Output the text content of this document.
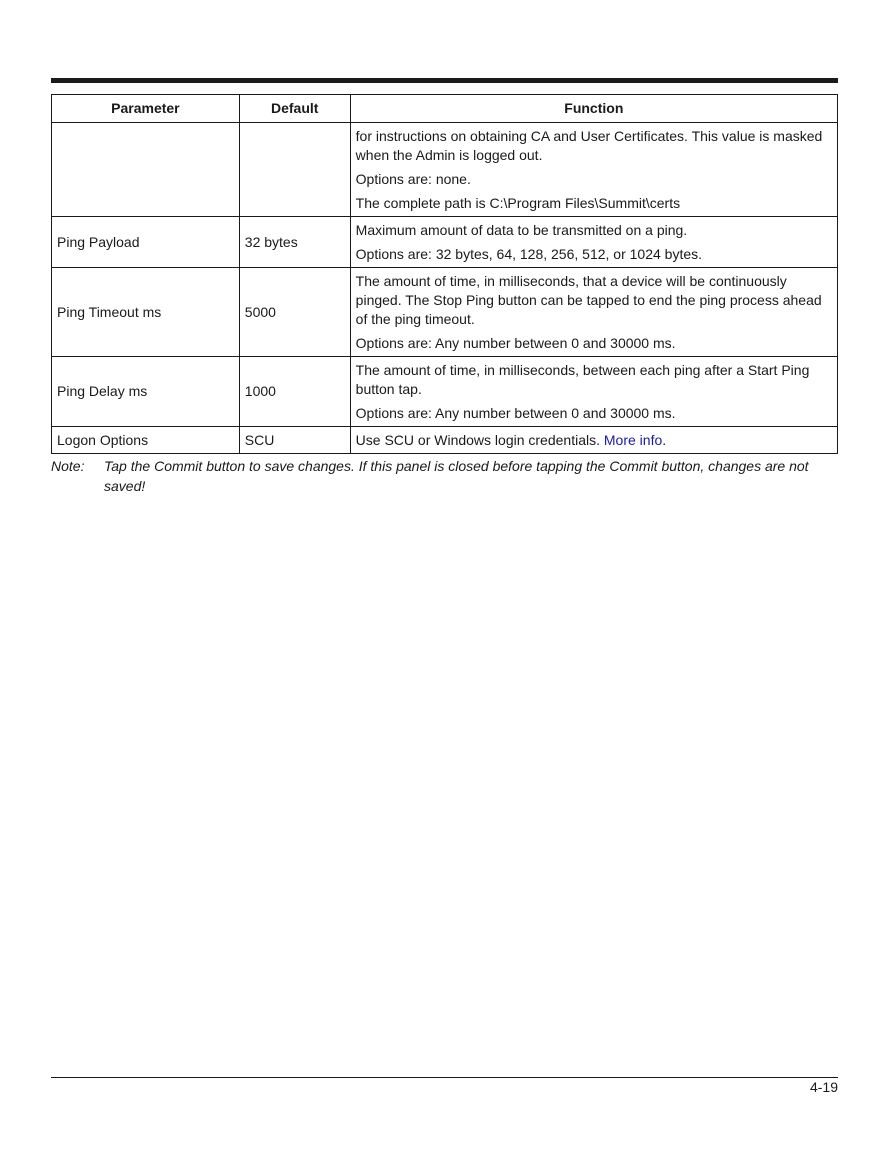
Parameter	Default	Function

		for instructions on obtaining CA and User Certificates. This value is masked when the Admin is logged out.

Options are: none.

The complete path is C:\Program Files\Summit\certs

Ping Payload	32 bytes	Maximum amount of data to be transmitted on a ping.

Options are: 32 bytes, 64, 128, 256, 512, or 1024 bytes.

Ping Timeout ms	5000	The amount of time, in milliseconds, that a device will be continuously pinged. The Stop Ping button can be tapped to end the ping process ahead of the ping timeout.

Options are: Any number between 0 and 30000 ms.

Ping Delay ms	1000	The amount of time, in milliseconds, between each ping after a Start Ping button tap.

Options are: Any number between 0 and 30000 ms.

Logon Options	SCU	Use SCU or Windows login credentials. More info.
Note: Tap the Commit button to save changes. If this panel is closed before tapping the Commit button, changes are not saved!
4-19
